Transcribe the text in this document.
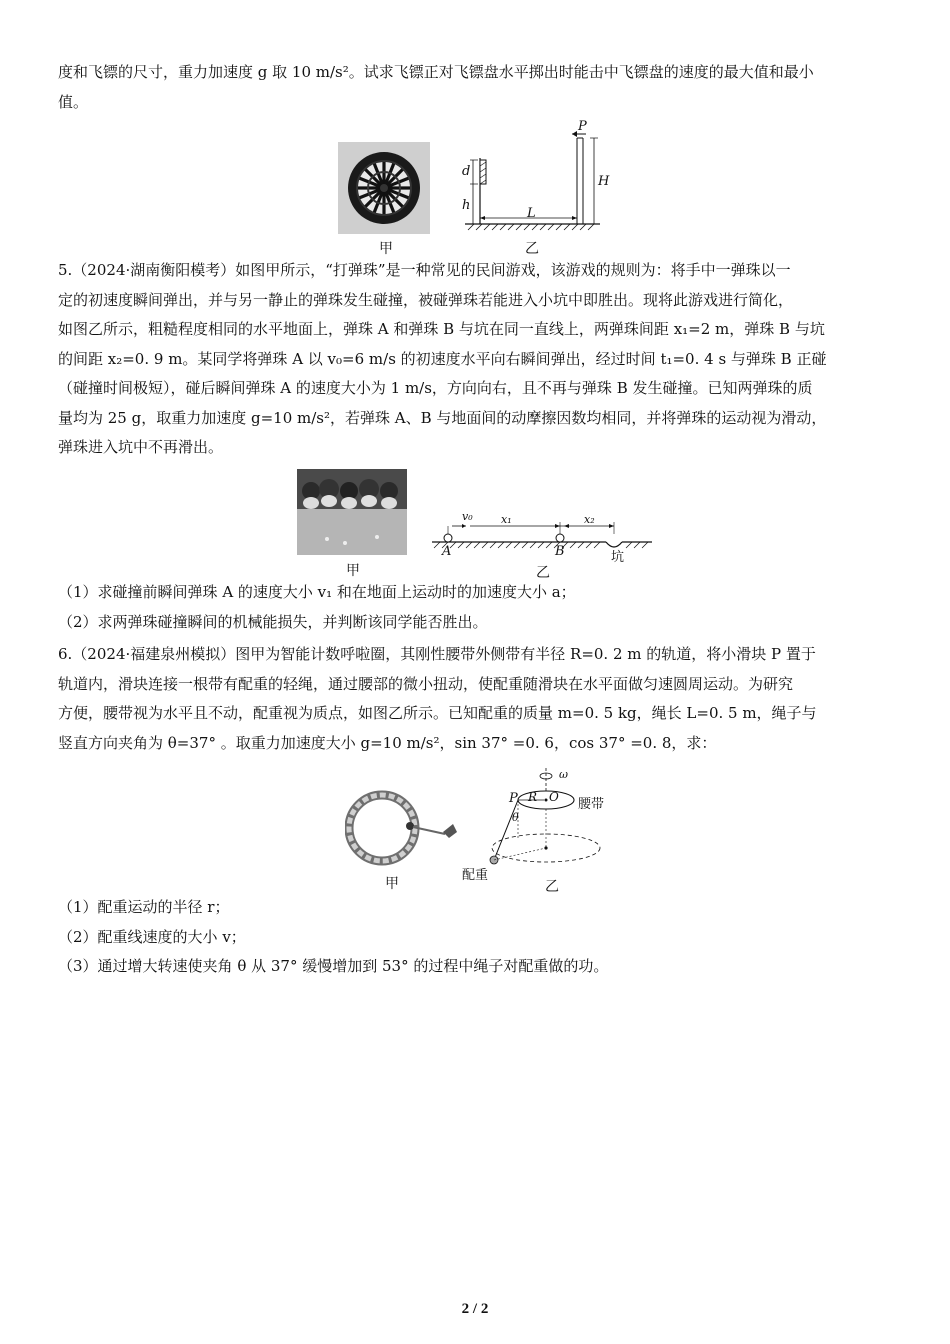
度和飞镖的尺寸，重力加速度 g 取 10 m/s²。试求飞镖正对飞镖盘水平掷出时能击中飞镖盘的速度的最大值和最小
值。
甲
P
H
d
h
L
乙
5.（2024·湖南衡阳模考）如图甲所示，“打弹珠”是一种常见的民间游戏，该游戏的规则为：将手中一弹珠以一
定的初速度瞬间弹出，并与另一静止的弹珠发生碰撞，被碰弹珠若能进入小坑中即胜出。现将此游戏进行简化，
如图乙所示，粗糙程度相同的水平地面上，弹珠 A 和弹珠 B 与坑在同一直线上，两弹珠间距 x₁=2 m，弹珠 B 与坑
的间距 x₂=0. 9 m。某同学将弹珠 A 以 v₀=6 m/s 的初速度水平向右瞬间弹出，经过时间 t₁=0. 4 s 与弹珠 B 正碰
（碰撞时间极短），碰后瞬间弹珠 A 的速度大小为 1 m/s，方向向右，且不再与弹珠 B 发生碰撞。已知两弹珠的质
量均为 25 g，取重力加速度 g=10 m/s²，若弹珠 A、B 与地面间的动摩擦因数均相同，并将弹珠的运动视为滑动，
弹珠进入坑中不再滑出。
甲
v₀	x₁	x₂
A	B	坑
乙
（1）求碰撞前瞬间弹珠 A 的速度大小 v₁ 和在地面上运动时的加速度大小 a；
（2）求两弹珠碰撞瞬间的机械能损失，并判断该同学能否胜出。
6.（2024·福建泉州模拟）图甲为智能计数呼啦圈，其刚性腰带外侧带有半径 R=0. 2 m 的轨道，将小滑块 P 置于
轨道内，滑块连接一根带有配重的轻绳，通过腰部的微小扭动，使配重随滑块在水平面做匀速圆周运动。为研究
方便，腰带视为水平且不动，配重视为质点，如图乙所示。已知配重的质量 m=0. 5 kg，绳长 L=0. 5 m，绳子与
竖直方向夹角为 θ=37° 。取重力加速度大小 g=10 m/s²，sin 37° =0. 6，cos 37° =0. 8，求：
甲
ω
P R O
θ
腰带
配重
乙
（1）配重运动的半径 r；
（2）配重线速度的大小 v；
（3）通过增大转速使夹角 θ 从 37° 缓慢增加到 53° 的过程中绳子对配重做的功。
2 / 2
